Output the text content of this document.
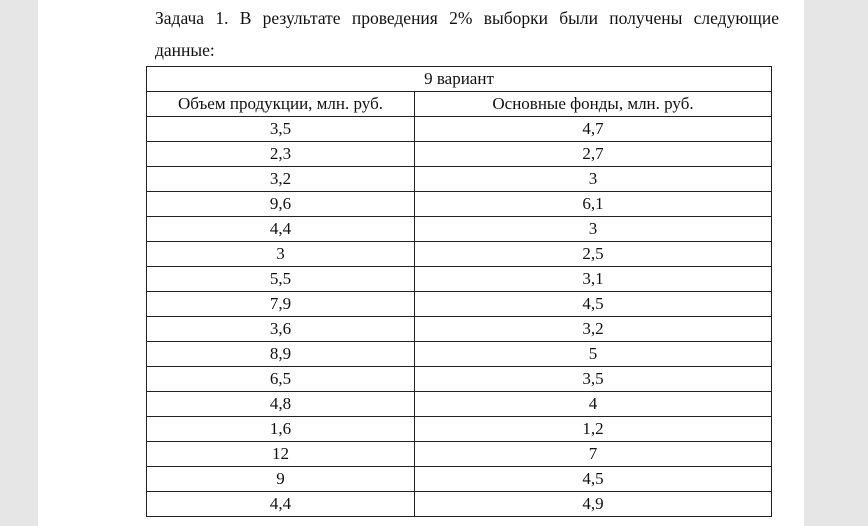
Задача 1. В результате проведения 2% выборки были получены следующие
данные:

9 вариант	
Объем продукции, млн. руб.	Основные фонды, млн. руб.
3,5	4,7
2,3	2,7
3,2	3
9,6	6,1
4,4	3
3	2,5
5,5	3,1
7,9	4,5
3,6	3,2
8,9	5
6,5	3,5
4,8	4
1,6	1,2
12	7
9	4,5
4,4	4,9
